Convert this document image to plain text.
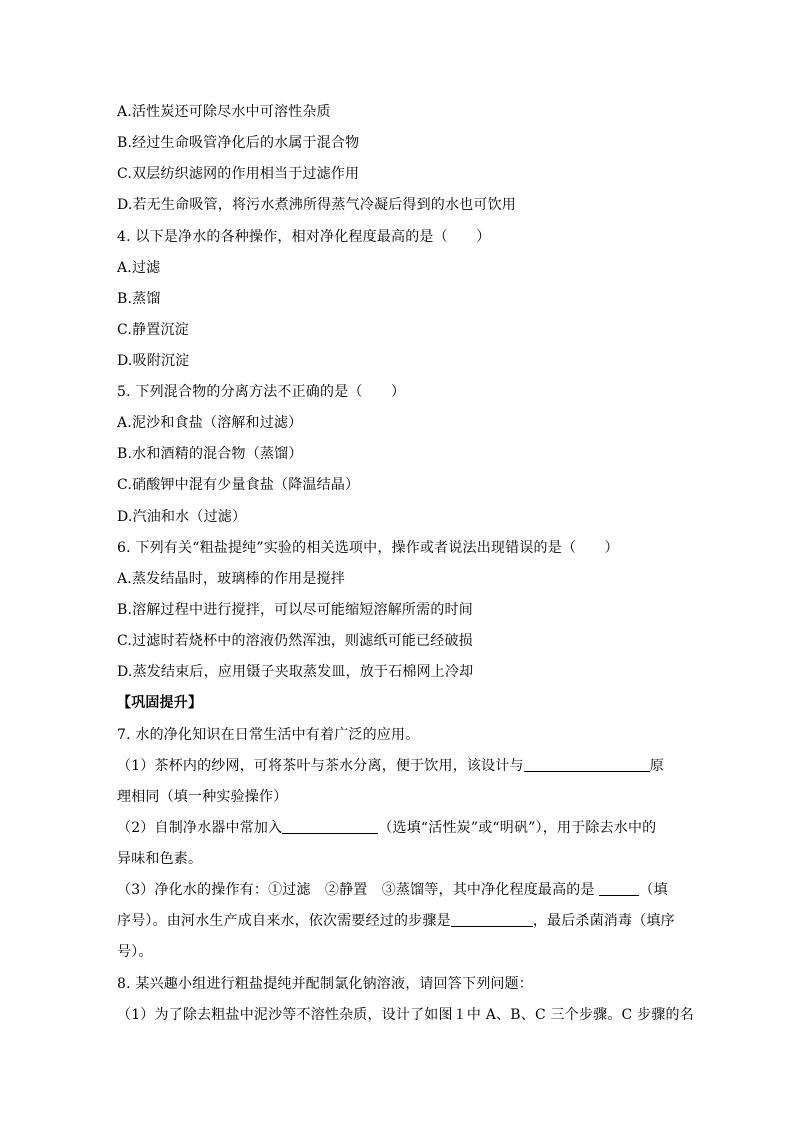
A.活性炭还可除尽水中可溶性杂质
B.经过生命吸管净化后的水属于混合物
C.双层纺织滤网的作用相当于过滤作用
D.若无生命吸管，将污水煮沸所得蒸气冷凝后得到的水也可饮用
4. 以下是净水的各种操作，相对净化程度最高的是（　　）
A.过滤
B.蒸馏
C.静置沉淀
D.吸附沉淀
5. 下列混合物的分离方法不正确的是（　　）
A.泥沙和食盐（溶解和过滤）
B.水和酒精的混合物（蒸馏）
C.硝酸钾中混有少量食盐（降温结晶）
D.汽油和水（过滤）
6. 下列有关“粗盐提纯”实验的相关选项中，操作或者说法出现错误的是（　　）
A.蒸发结晶时，玻璃棒的作用是搅拌
B.溶解过程中进行搅拌，可以尽可能缩短溶解所需的时间
C.过滤时若烧杯中的溶液仍然浑浊，则滤纸可能已经破损
D.蒸发结束后，应用镊子夹取蒸发皿，放于石棉网上冷却
【巩固提升】
7. 水的净化知识在日常生活中有着广泛的应用。
（1）茶杯内的纱网，可将茶叶与茶水分离，便于饮用，该设计与	原
理相同（填一种实验操作）
（2）自制净水器中常加入	（选填“活性炭”或“明矾”），用于除去水中的
异味和色素。
（3）净化水的操作有：①过滤　②静置　③蒸馏等，其中净化程度最高的是	（填
序号）。由河水生产成自来水，依次需要经过的步骤是	，最后杀菌消毒（填序
号）。
8. 某兴趣小组进行粗盐提纯并配制氯化钠溶液，请回答下列问题：
（1）为了除去粗盐中泥沙等不溶性杂质，设计了如图１中 A、B、C 三个步骤。C 步骤的名
